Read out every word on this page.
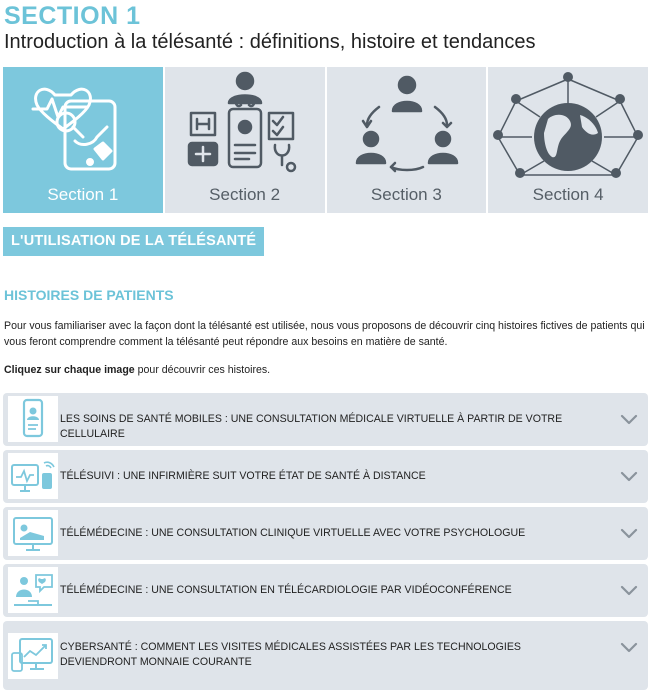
SECTION 1
Introduction à la télésanté : définitions, histoire et tendances
Section 1	Section 2	Section 3	Section 4
L'UTILISATION DE LA TÉLÉSANTÉ
HISTOIRES DE PATIENTS
Pour vous familiariser avec la façon dont la télésanté est utilisée, nous vous proposons de découvrir cinq histoires fictives de patients qui vous feront comprendre comment la télésanté peut répondre aux besoins en matière de santé.
Cliquez sur chaque image pour découvrir ces histoires.
LES SOINS DE SANTÉ MOBILES : UNE CONSULTATION MÉDICALE VIRTUELLE À PARTIR DE VOTRE CELLULAIRE
TÉLÉSUIVI : UNE INFIRMIÈRE SUIT VOTRE ÉTAT DE SANTÉ À DISTANCE
TÉLÉMÉDECINE : UNE CONSULTATION CLINIQUE VIRTUELLE AVEC VOTRE PSYCHOLOGUE
TÉLÉMÉDECINE : UNE CONSULTATION EN TÉLÉCARDIOLOGIE PAR VIDÉOCONFÉRENCE
CYBERSANTÉ : COMMENT LES VISITES MÉDICALES ASSISTÉES PAR LES TECHNOLOGIES DEVIENDRONT MONNAIE COURANTE
